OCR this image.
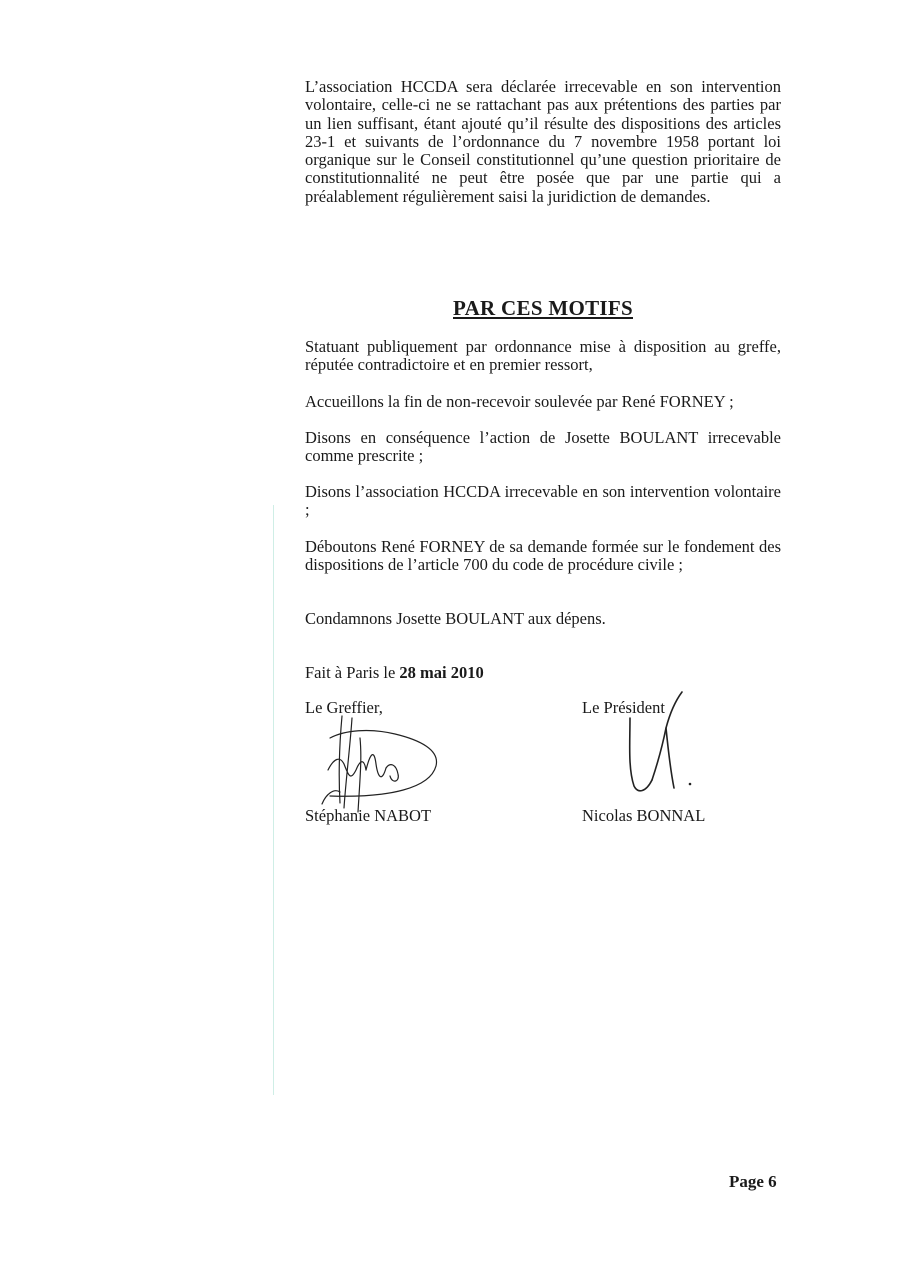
L’association HCCDA sera déclarée irrecevable en son intervention volontaire, celle-ci ne se rattachant pas aux prétentions des parties par un lien suffisant, étant ajouté qu’il résulte des dispositions des articles 23-1 et suivants de l’ordonnance du 7 novembre 1958 portant loi organique sur le Conseil constitutionnel qu’une question prioritaire de constitutionnalité ne peut être posée que par une partie qui a préalablement régulièrement saisi la juridiction de demandes.

PAR CES MOTIFS

Statuant publiquement par ordonnance mise à disposition au greffe, réputée contradictoire et en premier ressort,

Accueillons la fin de non-recevoir soulevée par René FORNEY ;

Disons en conséquence l’action de Josette BOULANT irrecevable comme prescrite ;

Disons l’association HCCDA irrecevable en son intervention volontaire ;

Déboutons René FORNEY de sa demande formée sur le fondement des dispositions de l’article 700 du code de procédure civile ;

Condamnons Josette BOULANT aux dépens.

Fait à Paris le 28 mai 2010

Le Greffier,	Le Président
Stéphanie NABOT	Nicolas BONNAL
Page 6
